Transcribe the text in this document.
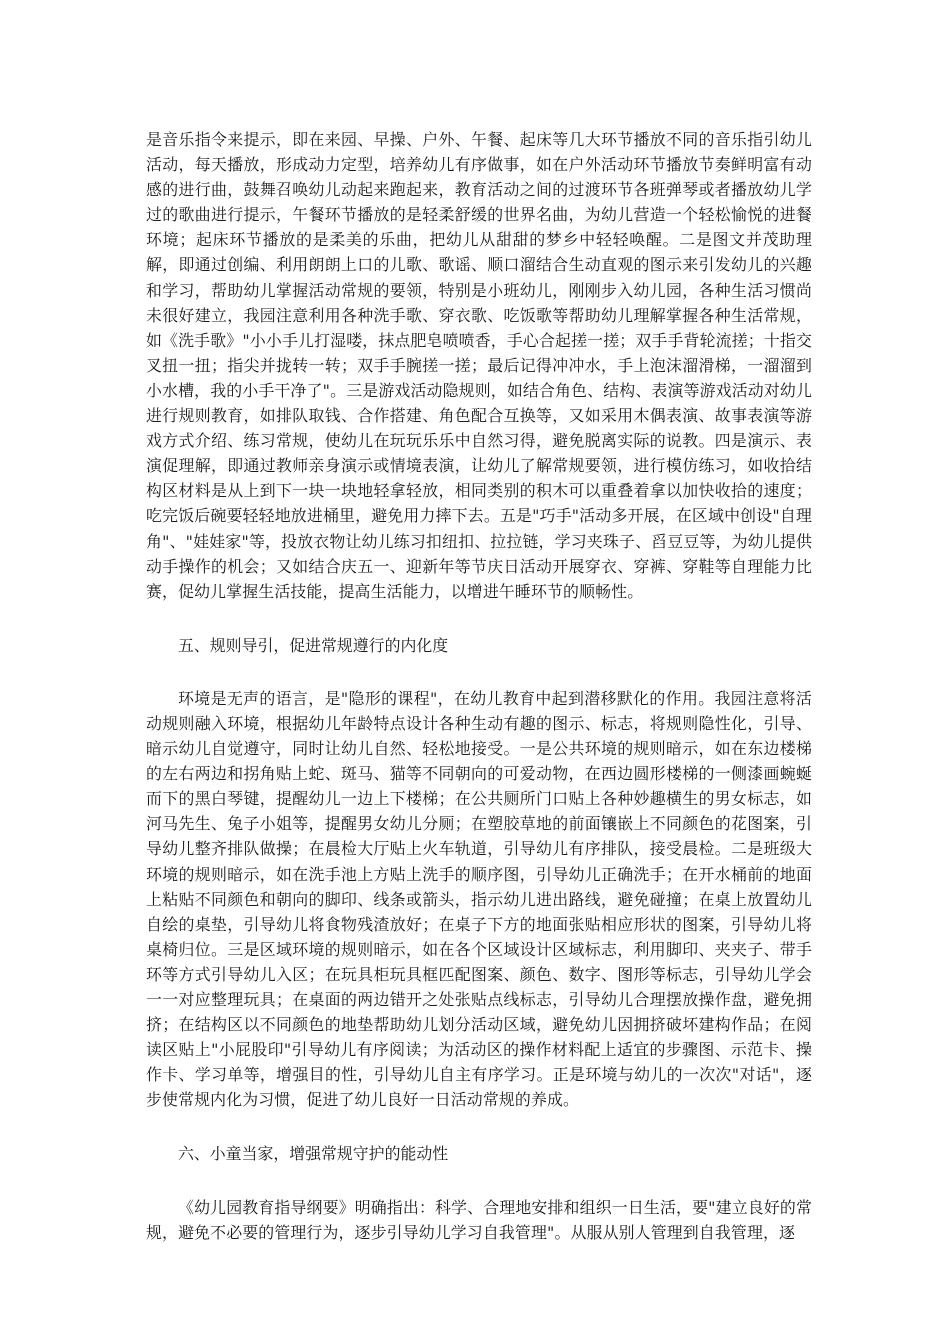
是音乐指令来提示，即在来园、早操、户外、午餐、起床等几大环节播放不同的音乐指引幼儿活动，每天播放，形成动力定型，培养幼儿有序做事，如在户外活动环节播放节奏鲜明富有动感的进行曲，鼓舞召唤幼儿动起来跑起来，教育活动之间的过渡环节各班弹琴或者播放幼儿学过的歌曲进行提示，午餐环节播放的是轻柔舒缓的世界名曲，为幼儿营造一个轻松愉悦的进餐环境；起床环节播放的是柔美的乐曲，把幼儿从甜甜的梦乡中轻轻唤醒。二是图文并茂助理解，即通过创编、利用朗朗上口的儿歌、歌谣、顺口溜结合生动直观的图示来引发幼儿的兴趣和学习，帮助幼儿掌握活动常规的要领，特别是小班幼儿，刚刚步入幼儿园，各种生活习惯尚未很好建立，我园注意利用各种洗手歌、穿衣歌、吃饭歌等帮助幼儿理解掌握各种生活常规，如《洗手歌》"小小手儿打湿喽，抹点肥皂喷喷香，手心合起搓一搓；双手手背轮流搓；十指交叉扭一扭；指尖并拢转一转；双手手腕搓一搓；最后记得冲冲水，手上泡沫溜滑梯，一溜溜到小水槽，我的小手干净了"。三是游戏活动隐规则，如结合角色、结构、表演等游戏活动对幼儿进行规则教育，如排队取钱、合作搭建、角色配合互换等，又如采用木偶表演、故事表演等游戏方式介绍、练习常规，使幼儿在玩玩乐乐中自然习得，避免脱离实际的说教。四是演示、表演促理解，即通过教师亲身演示或情境表演，让幼儿了解常规要领，进行模仿练习，如收拾结构区材料是从上到下一块一块地轻拿轻放，相同类别的积木可以重叠着拿以加快收拾的速度；吃完饭后碗要轻轻地放进桶里，避免用力摔下去。五是"巧手"活动多开展，在区域中创设"自理角"、"娃娃家"等，投放衣物让幼儿练习扣纽扣、拉拉链，学习夹珠子、舀豆豆等，为幼儿提供动手操作的机会；又如结合庆五一、迎新年等节庆日活动开展穿衣、穿裤、穿鞋等自理能力比赛，促幼儿掌握生活技能，提高生活能力，以增进午睡环节的顺畅性。

五、规则导引，促进常规遵行的内化度

环境是无声的语言，是"隐形的课程"，在幼儿教育中起到潜移默化的作用。我园注意将活动规则融入环境，根据幼儿年龄特点设计各种生动有趣的图示、标志，将规则隐性化，引导、暗示幼儿自觉遵守，同时让幼儿自然、轻松地接受。一是公共环境的规则暗示，如在东边楼梯的左右两边和拐角贴上蛇、斑马、猫等不同朝向的可爱动物，在西边圆形楼梯的一侧漆画蜿蜒而下的黑白琴键，提醒幼儿一边上下楼梯；在公共厕所门口贴上各种妙趣横生的男女标志，如河马先生、兔子小姐等，提醒男女幼儿分厕；在塑胶草地的前面镶嵌上不同颜色的花图案，引导幼儿整齐排队做操；在晨检大厅贴上火车轨道，引导幼儿有序排队，接受晨检。二是班级大环境的规则暗示，如在洗手池上方贴上洗手的顺序图，引导幼儿正确洗手；在开水桶前的地面上粘贴不同颜色和朝向的脚印、线条或箭头，指示幼儿进出路线，避免碰撞；在桌上放置幼儿自绘的桌垫，引导幼儿将食物残渣放好；在桌子下方的地面张贴相应形状的图案，引导幼儿将桌椅归位。三是区域环境的规则暗示，如在各个区域设计区域标志，利用脚印、夹夹子、带手环等方式引导幼儿入区；在玩具柜玩具框匹配图案、颜色、数字、图形等标志，引导幼儿学会一一对应整理玩具；在桌面的两边错开之处张贴点线标志，引导幼儿合理摆放操作盘，避免拥挤；在结构区以不同颜色的地垫帮助幼儿划分活动区域，避免幼儿因拥挤破坏建构作品；在阅读区贴上"小屁股印"引导幼儿有序阅读；为活动区的操作材料配上适宜的步骤图、示范卡、操作卡、学习单等，增强目的性，引导幼儿自主有序学习。正是环境与幼儿的一次次"对话"，逐步使常规内化为习惯，促进了幼儿良好一日活动常规的养成。

六、小童当家，增强常规守护的能动性

《幼儿园教育指导纲要》明确指出：科学、合理地安排和组织一日生活，要"建立良好的常规，避免不必要的管理行为，逐步引导幼儿学习自我管理"。从服从别人管理到自我管理，逐
